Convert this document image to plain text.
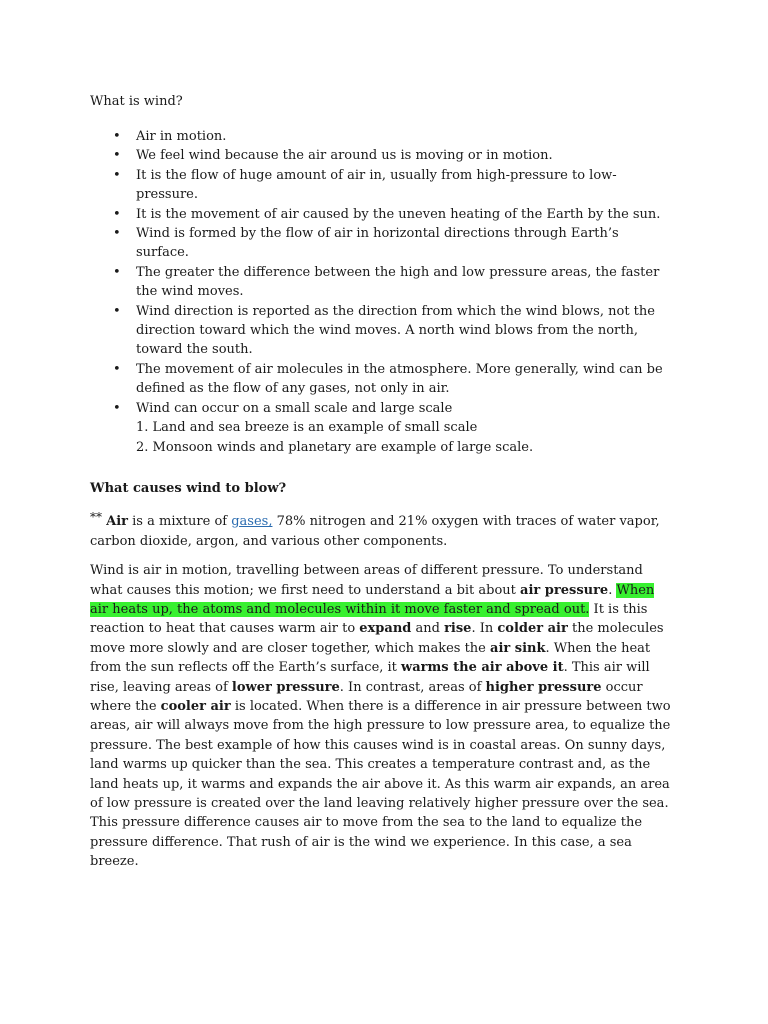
What is wind?
• Air in motion.
• We feel wind because the air around us is moving or in motion.
• It is the flow of huge amount of air in, usually from high-pressure to low-pressure.
• It is the movement of air caused by the uneven heating of the Earth by the sun.
• Wind is formed by the flow of air in horizontal directions through Earth’s surface.
• The greater the difference between the high and low pressure areas, the faster the wind moves.
• Wind direction is reported as the direction from which the wind blows, not the direction toward which the wind moves. A north wind blows from the north, toward the south.
• The movement of air molecules in the atmosphere. More generally, wind can be defined as the flow of any gases, not only in air.
• Wind can occur on a small scale and large scale
1. Land and sea breeze is an example of small scale
2. Monsoon winds and planetary are example of large scale.
What causes wind to blow?

** Air is a mixture of gases, 78% nitrogen and 21% oxygen with traces of water vapor, carbon dioxide, argon, and various other components.

Wind is air in motion, travelling between areas of different pressure. To understand what causes this motion; we first need to understand a bit about air pressure. When air heats up, the atoms and molecules within it move faster and spread out. It is this reaction to heat that causes warm air to expand and rise. In colder air the molecules move more slowly and are closer together, which makes the air sink. When the heat from the sun reflects off the Earth’s surface, it warms the air above it. This air will rise, leaving areas of lower pressure. In contrast, areas of higher pressure occur where the cooler air is located. When there is a difference in air pressure between two areas, air will always move from the high pressure to low pressure area, to equalize the pressure. The best example of how this causes wind is in coastal areas. On sunny days, land warms up quicker than the sea. This creates a temperature contrast and, as the land heats up, it warms and expands the air above it. As this warm air expands, an area of low pressure is created over the land leaving relatively higher pressure over the sea. This pressure difference causes air to move from the sea to the land to equalize the pressure difference. That rush of air is the wind we experience. In this case, a sea breeze.
